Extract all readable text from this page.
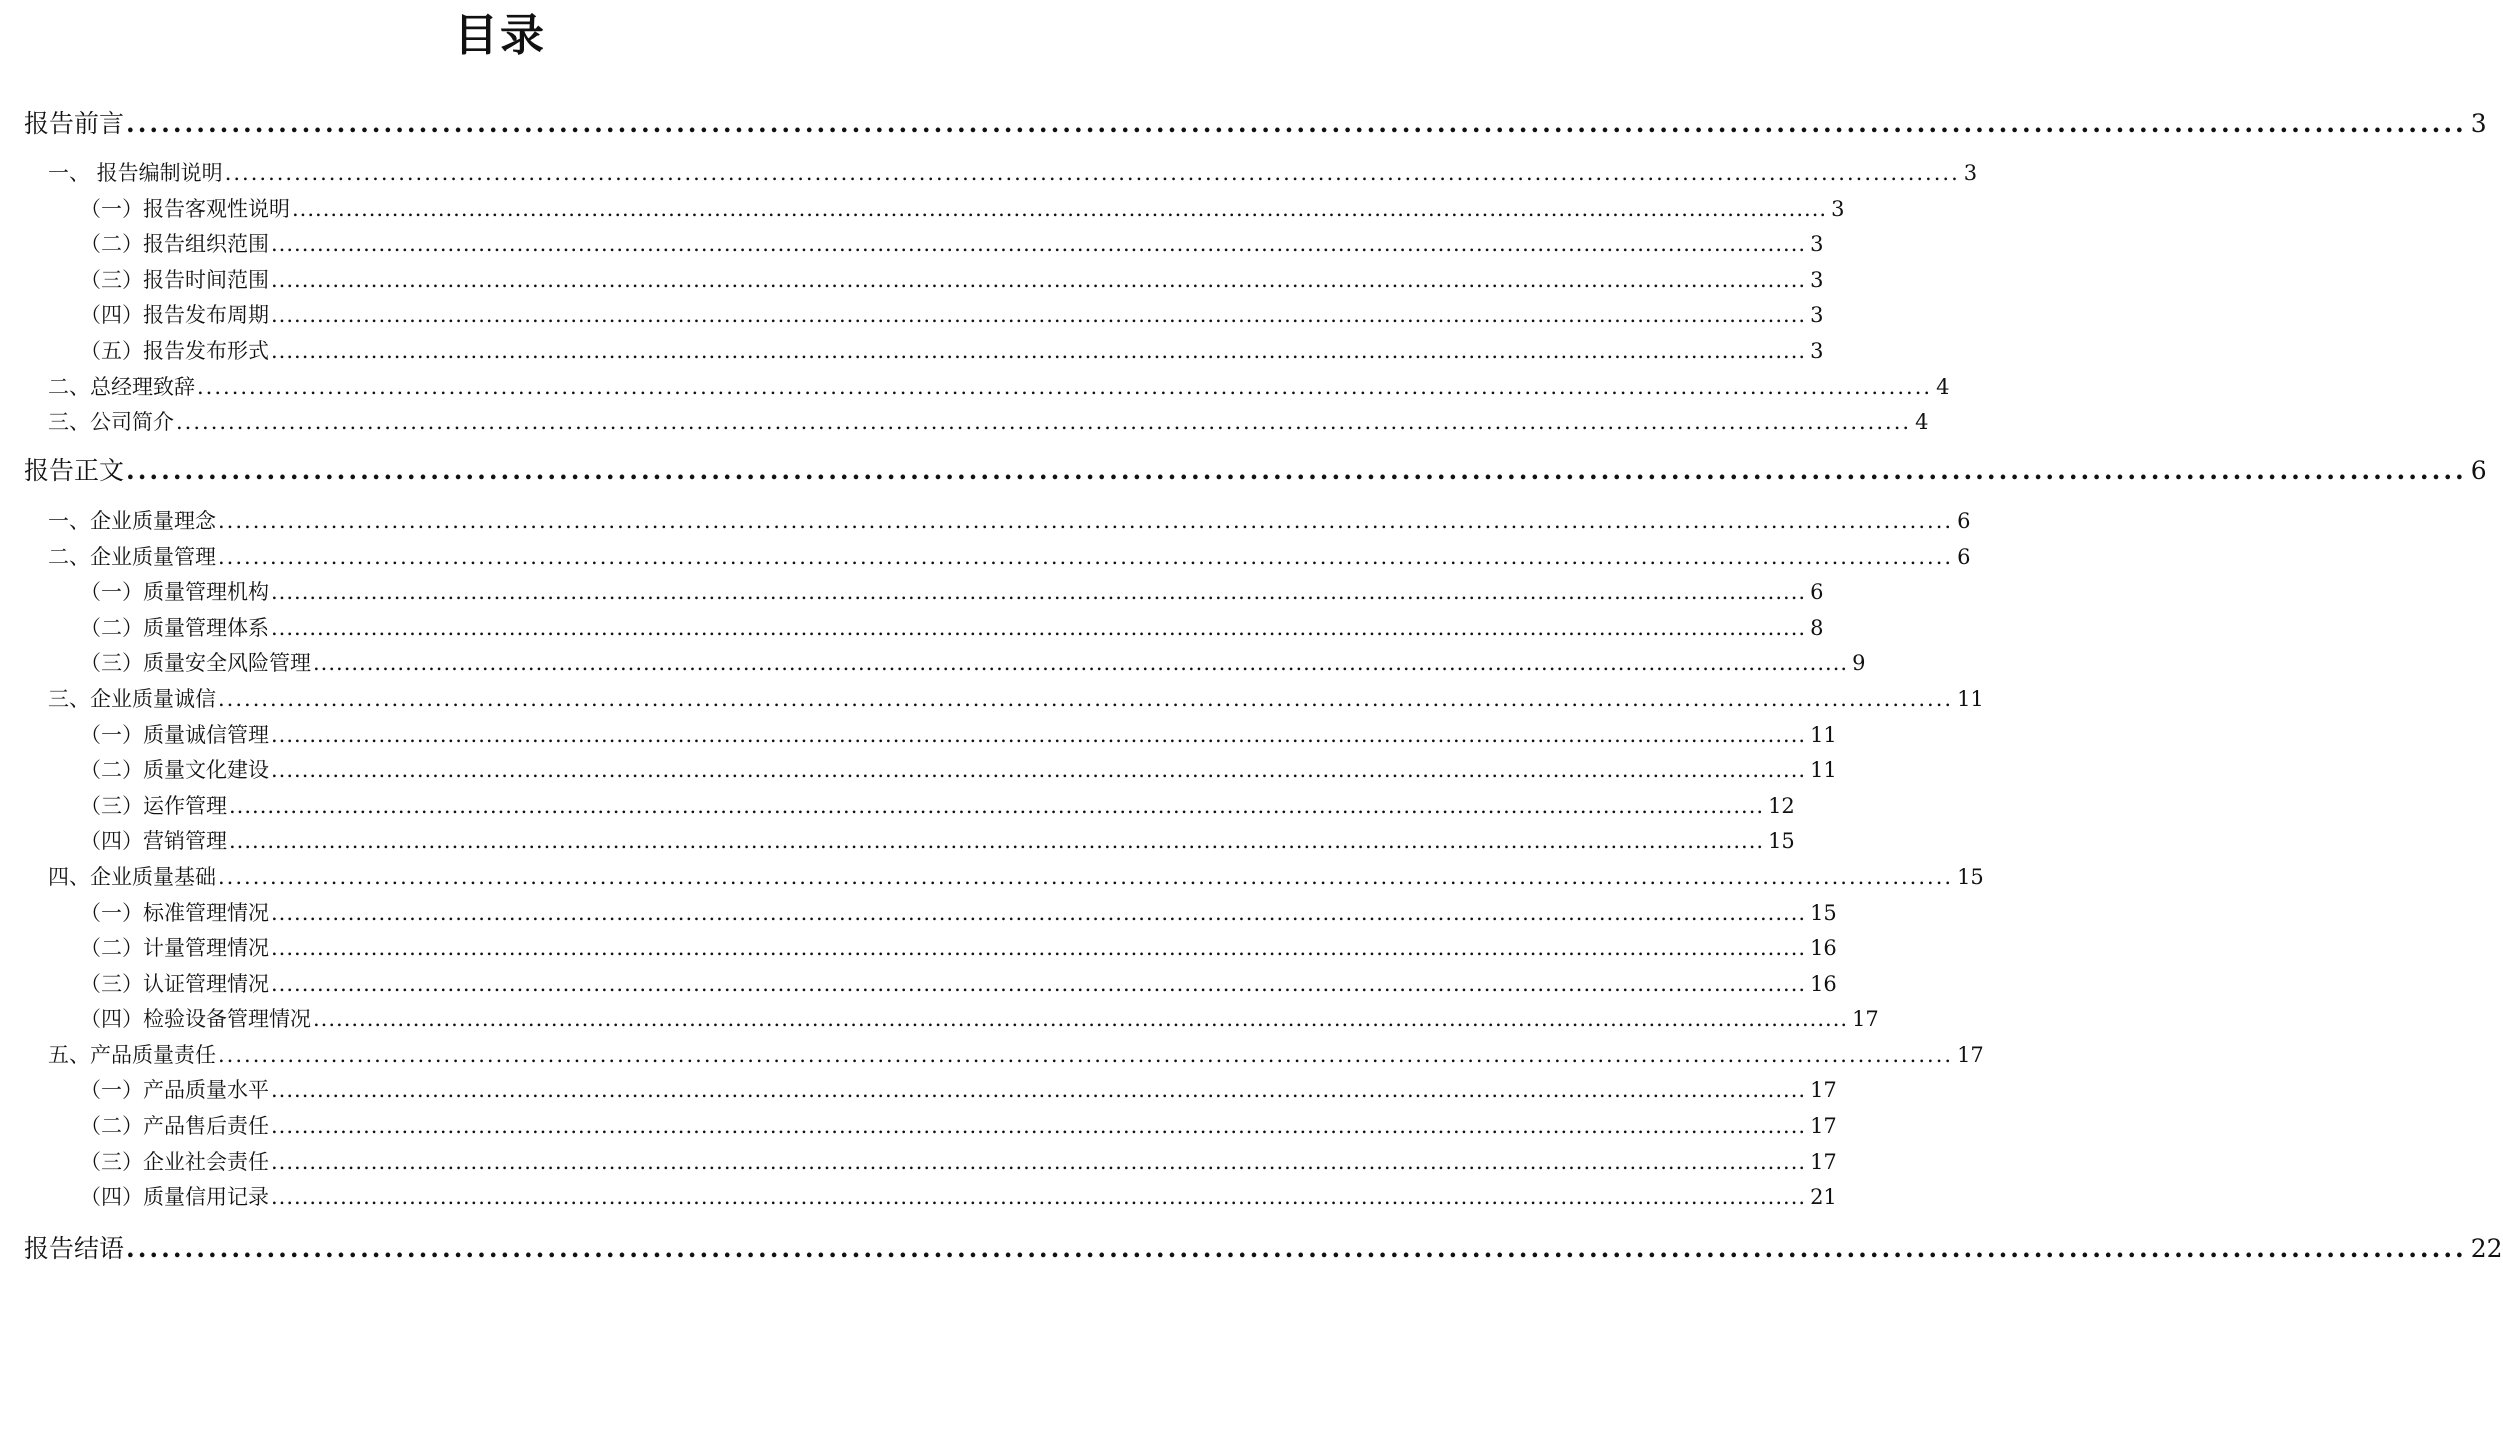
目录
报告前言 ........................................................................................................................................................................................................ 3
一、 报告编制说明 ........................................................................................................................................................................................................ 3
（一）报告客观性说明 ........................................................................................................................................................................................................ 3
（二）报告组织范围 ........................................................................................................................................................................................................ 3
（三）报告时间范围 ........................................................................................................................................................................................................ 3
（四）报告发布周期 ........................................................................................................................................................................................................ 3
（五）报告发布形式 ........................................................................................................................................................................................................ 3
二、总经理致辞 ........................................................................................................................................................................................................ 4
三、公司简介 ........................................................................................................................................................................................................ 4
报告正文 ........................................................................................................................................................................................................ 6
一、企业质量理念 ........................................................................................................................................................................................................ 6
二、企业质量管理 ........................................................................................................................................................................................................ 6
（一）质量管理机构 ........................................................................................................................................................................................................ 6
（二）质量管理体系 ........................................................................................................................................................................................................ 8
（三）质量安全风险管理 ........................................................................................................................................................................................................ 9
三、企业质量诚信 ........................................................................................................................................................................................................ 11
（一）质量诚信管理 ........................................................................................................................................................................................................ 11
（二）质量文化建设 ........................................................................................................................................................................................................ 11
（三）运作管理 ........................................................................................................................................................................................................ 12
（四）营销管理 ........................................................................................................................................................................................................ 15
四、企业质量基础 ........................................................................................................................................................................................................ 15
（一）标准管理情况 ........................................................................................................................................................................................................ 15
（二）计量管理情况 ........................................................................................................................................................................................................ 16
（三）认证管理情况 ........................................................................................................................................................................................................ 16
（四）检验设备管理情况 ........................................................................................................................................................................................................ 17
五、产品质量责任 ........................................................................................................................................................................................................ 17
（一）产品质量水平 ........................................................................................................................................................................................................ 17
（二）产品售后责任 ........................................................................................................................................................................................................ 17
（三）企业社会责任 ........................................................................................................................................................................................................ 17
（四）质量信用记录 ........................................................................................................................................................................................................ 21
报告结语 ........................................................................................................................................................................................................ 22
